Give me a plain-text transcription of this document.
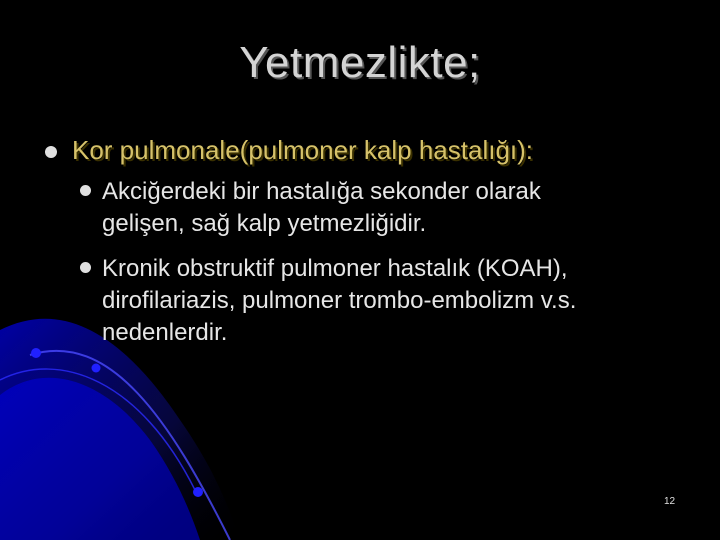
Yetmezlikte;
Kor pulmonale(pulmoner kalp hastalığı):
Akciğerdeki bir hastalığa sekonder olarak
gelişen, sağ kalp yetmezliğidir.
Kronik obstruktif pulmoner hastalık (KOAH),
dirofilariazis, pulmoner trombo-embolizm v.s.
nedenlerdir.
12
